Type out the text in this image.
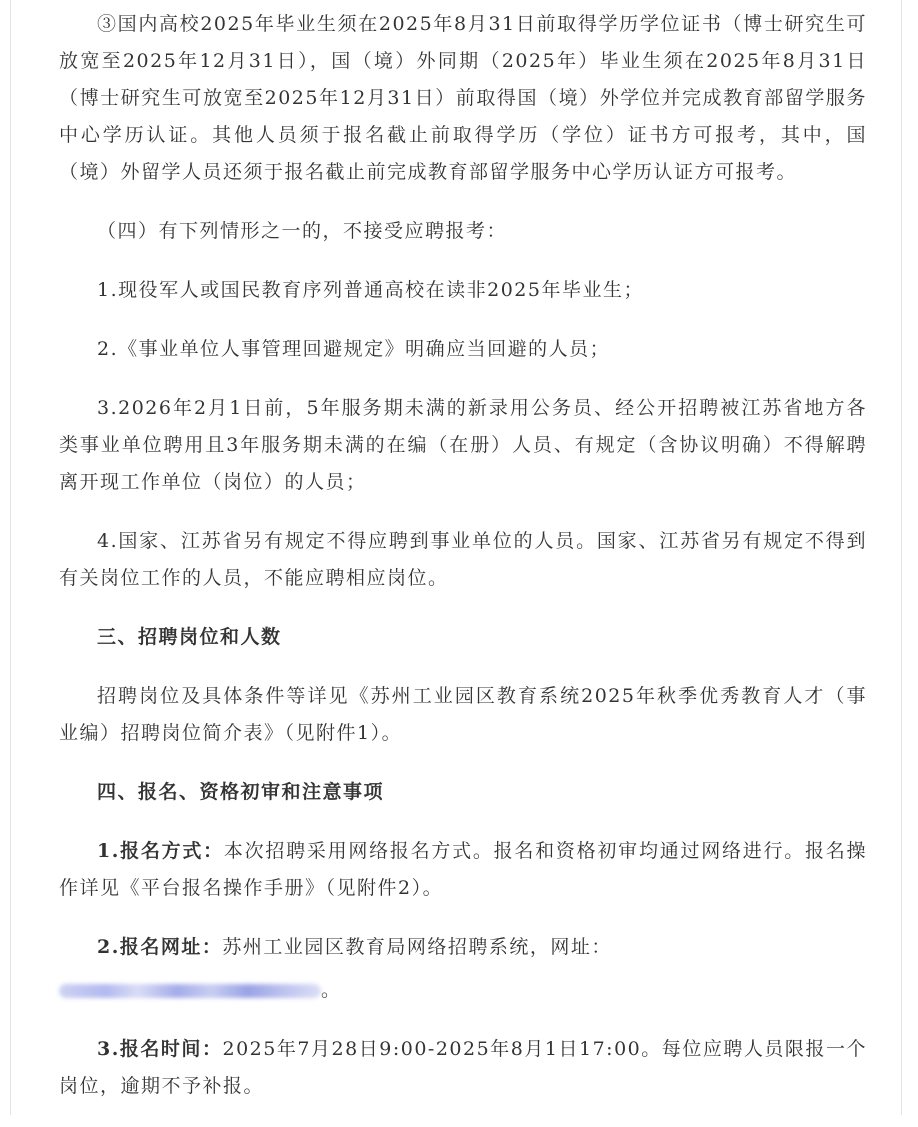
③国内高校2025年毕业生须在2025年8月31日前取得学历学位证书（博士研究生可放宽至2025年12月31日），国（境）外同期（2025年）毕业生须在2025年8月31日（博士研究生可放宽至2025年12月31日）前取得国（境）外学位并完成教育部留学服务中心学历认证。其他人员须于报名截止前取得学历（学位）证书方可报考，其中，国（境）外留学人员还须于报名截止前完成教育部留学服务中心学历认证方可报考。

（四）有下列情形之一的，不接受应聘报考：

1.现役军人或国民教育序列普通高校在读非2025年毕业生；

2.《事业单位人事管理回避规定》明确应当回避的人员；

3.2026年2月1日前，5年服务期未满的新录用公务员、经公开招聘被江苏省地方各类事业单位聘用且3年服务期未满的在编（在册）人员、有规定（含协议明确）不得解聘离开现工作单位（岗位）的人员；

4.国家、江苏省另有规定不得应聘到事业单位的人员。国家、江苏省另有规定不得到有关岗位工作的人员，不能应聘相应岗位。

三、招聘岗位和人数

招聘岗位及具体条件等详见《苏州工业园区教育系统2025年秋季优秀教育人才（事业编）招聘岗位简介表》（见附件1）。

四、报名、资格初审和注意事项

1.报名方式：本次招聘采用网络报名方式。报名和资格初审均通过网络进行。报名操作详见《平台报名操作手册》（见附件2）。

2.报名网址：苏州工业园区教育局网络招聘系统，网址：

。

3.报名时间：2025年7月28日9:00-2025年8月1日17:00。每位应聘人员限报一个岗位，逾期不予补报。
